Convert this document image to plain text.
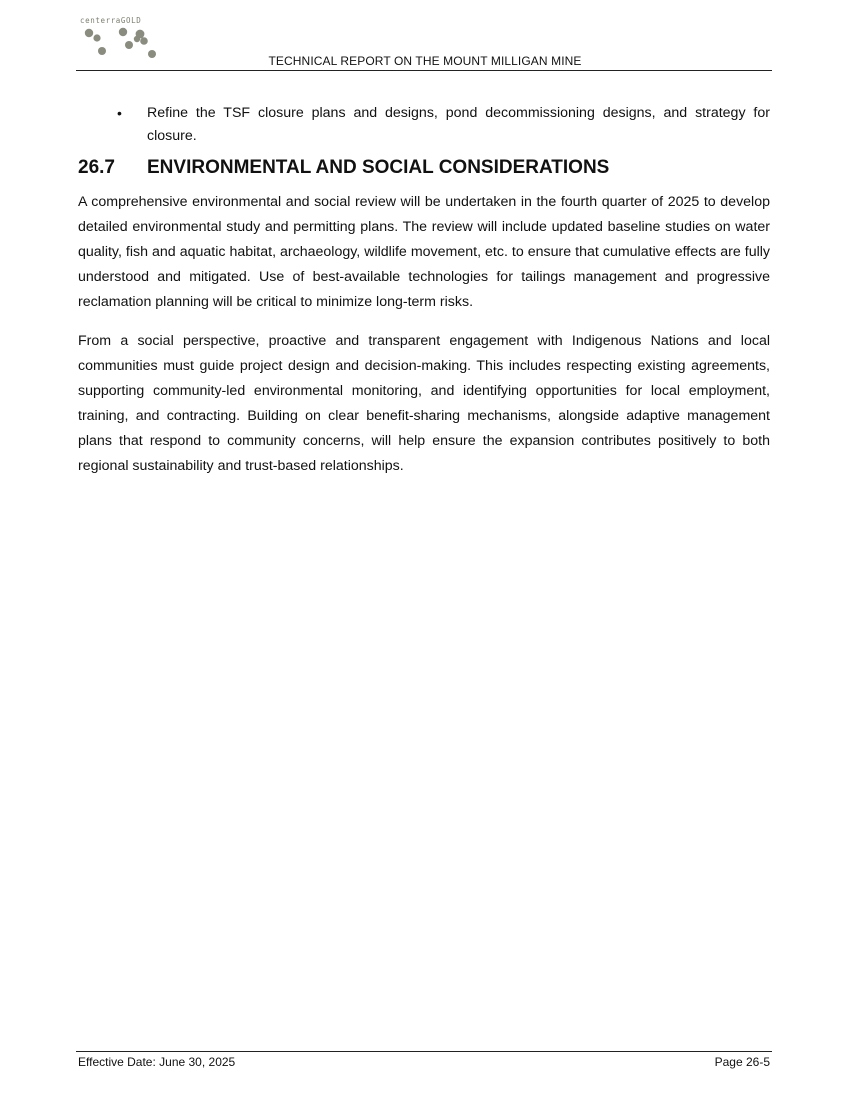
centerraGOLD
TECHNICAL REPORT ON THE MOUNT MILLIGAN MINE
• Refine the TSF closure plans and designs, pond decommissioning designs, and strategy for closure.
26.7	ENVIRONMENTAL AND SOCIAL CONSIDERATIONS

A comprehensive environmental and social review will be undertaken in the fourth quarter of 2025 to develop detailed environmental study and permitting plans. The review will include updated baseline studies on water quality, fish and aquatic habitat, archaeology, wildlife movement, etc. to ensure that cumulative effects are fully understood and mitigated. Use of best-available technologies for tailings management and progressive reclamation planning will be critical to minimize long-term risks.

From a social perspective, proactive and transparent engagement with Indigenous Nations and local communities must guide project design and decision-making. This includes respecting existing agreements, supporting community-led environmental monitoring, and identifying opportunities for local employment, training, and contracting. Building on clear benefit-sharing mechanisms, alongside adaptive management plans that respond to community concerns, will help ensure the expansion contributes positively to both regional sustainability and trust-based relationships.

Effective Date: June 30, 2025	Page 26-5
